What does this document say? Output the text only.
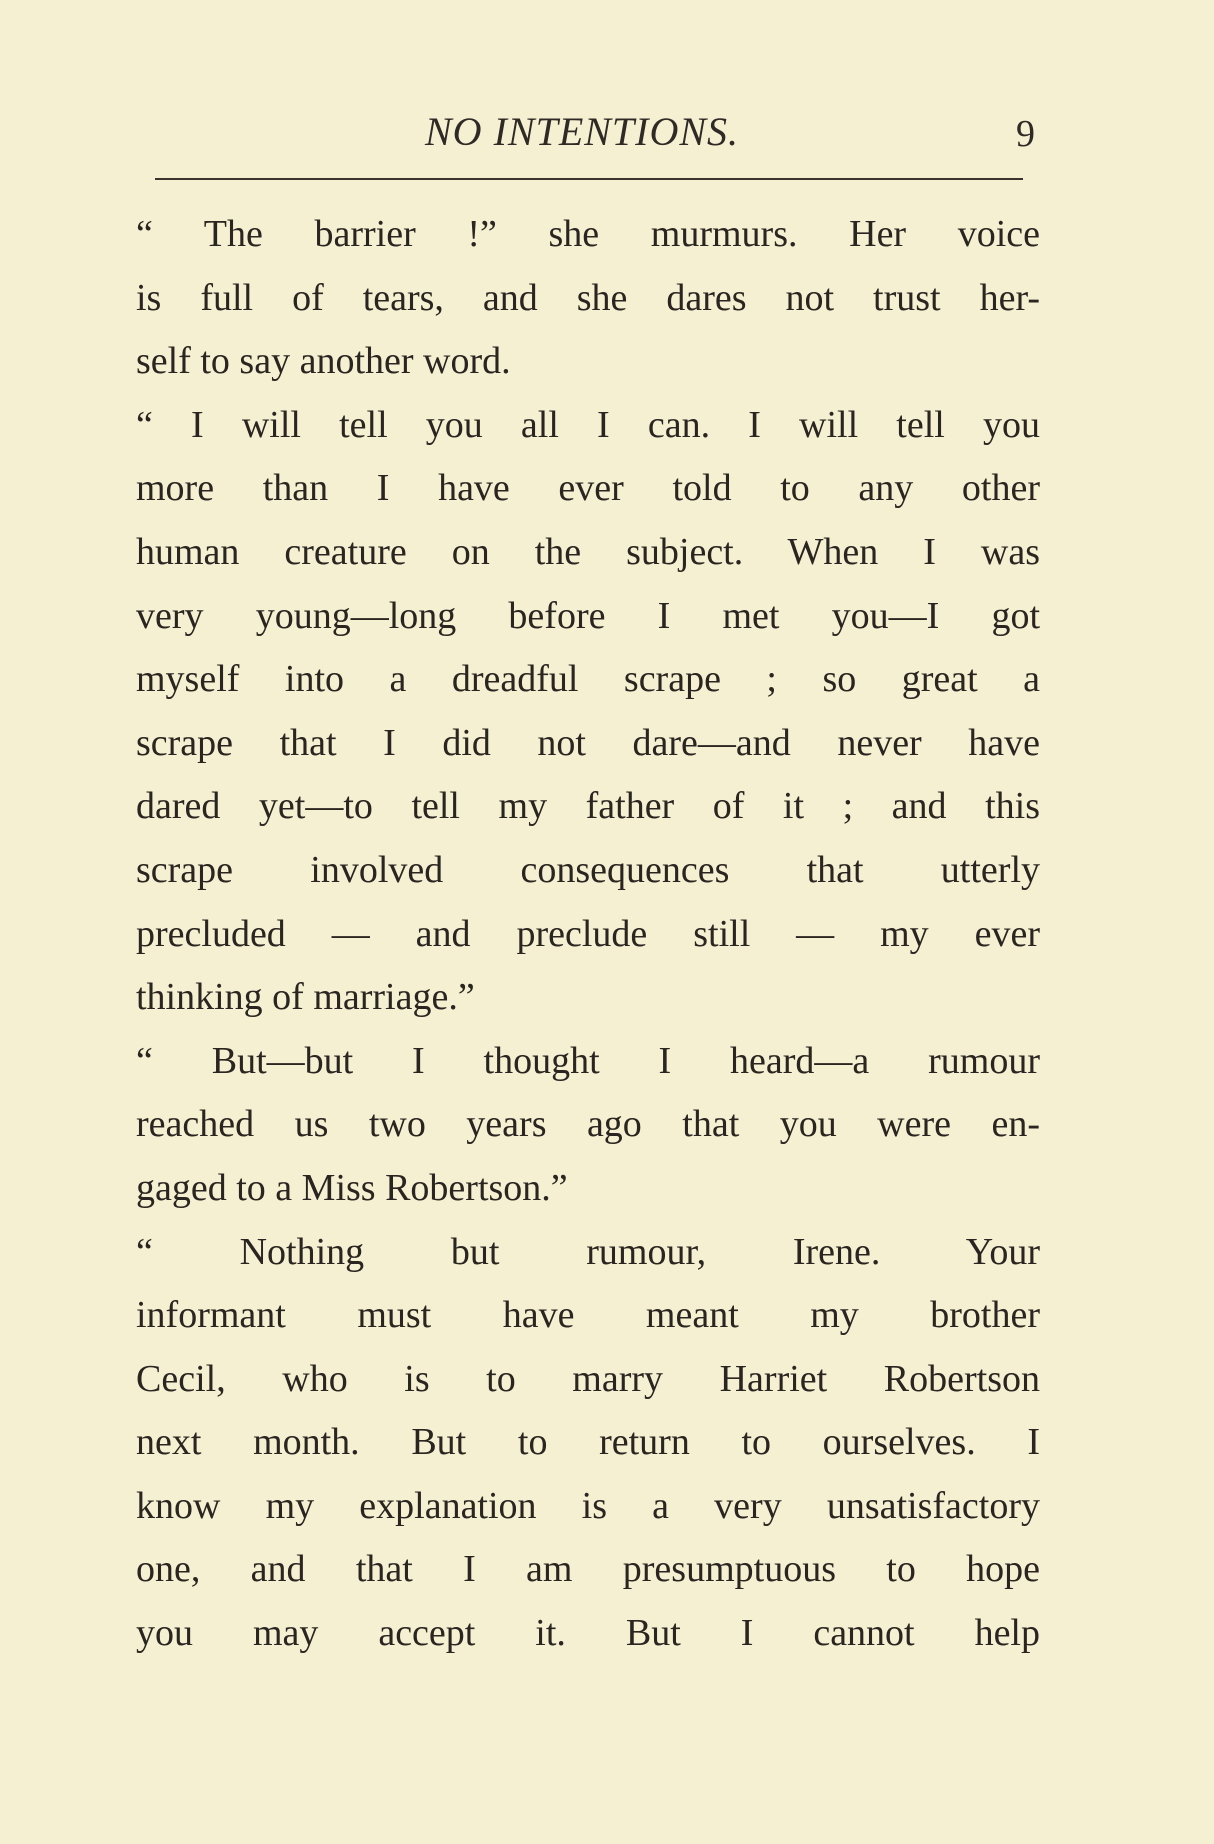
NO INTENTIONS.	9
“ The barrier !” she murmurs. Her voice
is full of tears, and she dares not trust her-
self to say another word.
“ I will tell you all I can. I will tell you
more than I have ever told to any other
human creature on the subject. When I was
very young—long before I met you—I got
myself into a dreadful scrape ; so great a
scrape that I did not dare—and never have
dared yet—to tell my father of it ; and this
scrape involved consequences that utterly
precluded — and preclude still — my ever
thinking of marriage.”
“ But—but I thought I heard—a rumour
reached us two years ago that you were en-
gaged to a Miss Robertson.”
“ Nothing but rumour, Irene. Your
informant must have meant my brother
Cecil, who is to marry Harriet Robertson
next month. But to return to ourselves. I
know my explanation is a very unsatisfactory
one, and that I am presumptuous to hope
you may accept it. But I cannot help
